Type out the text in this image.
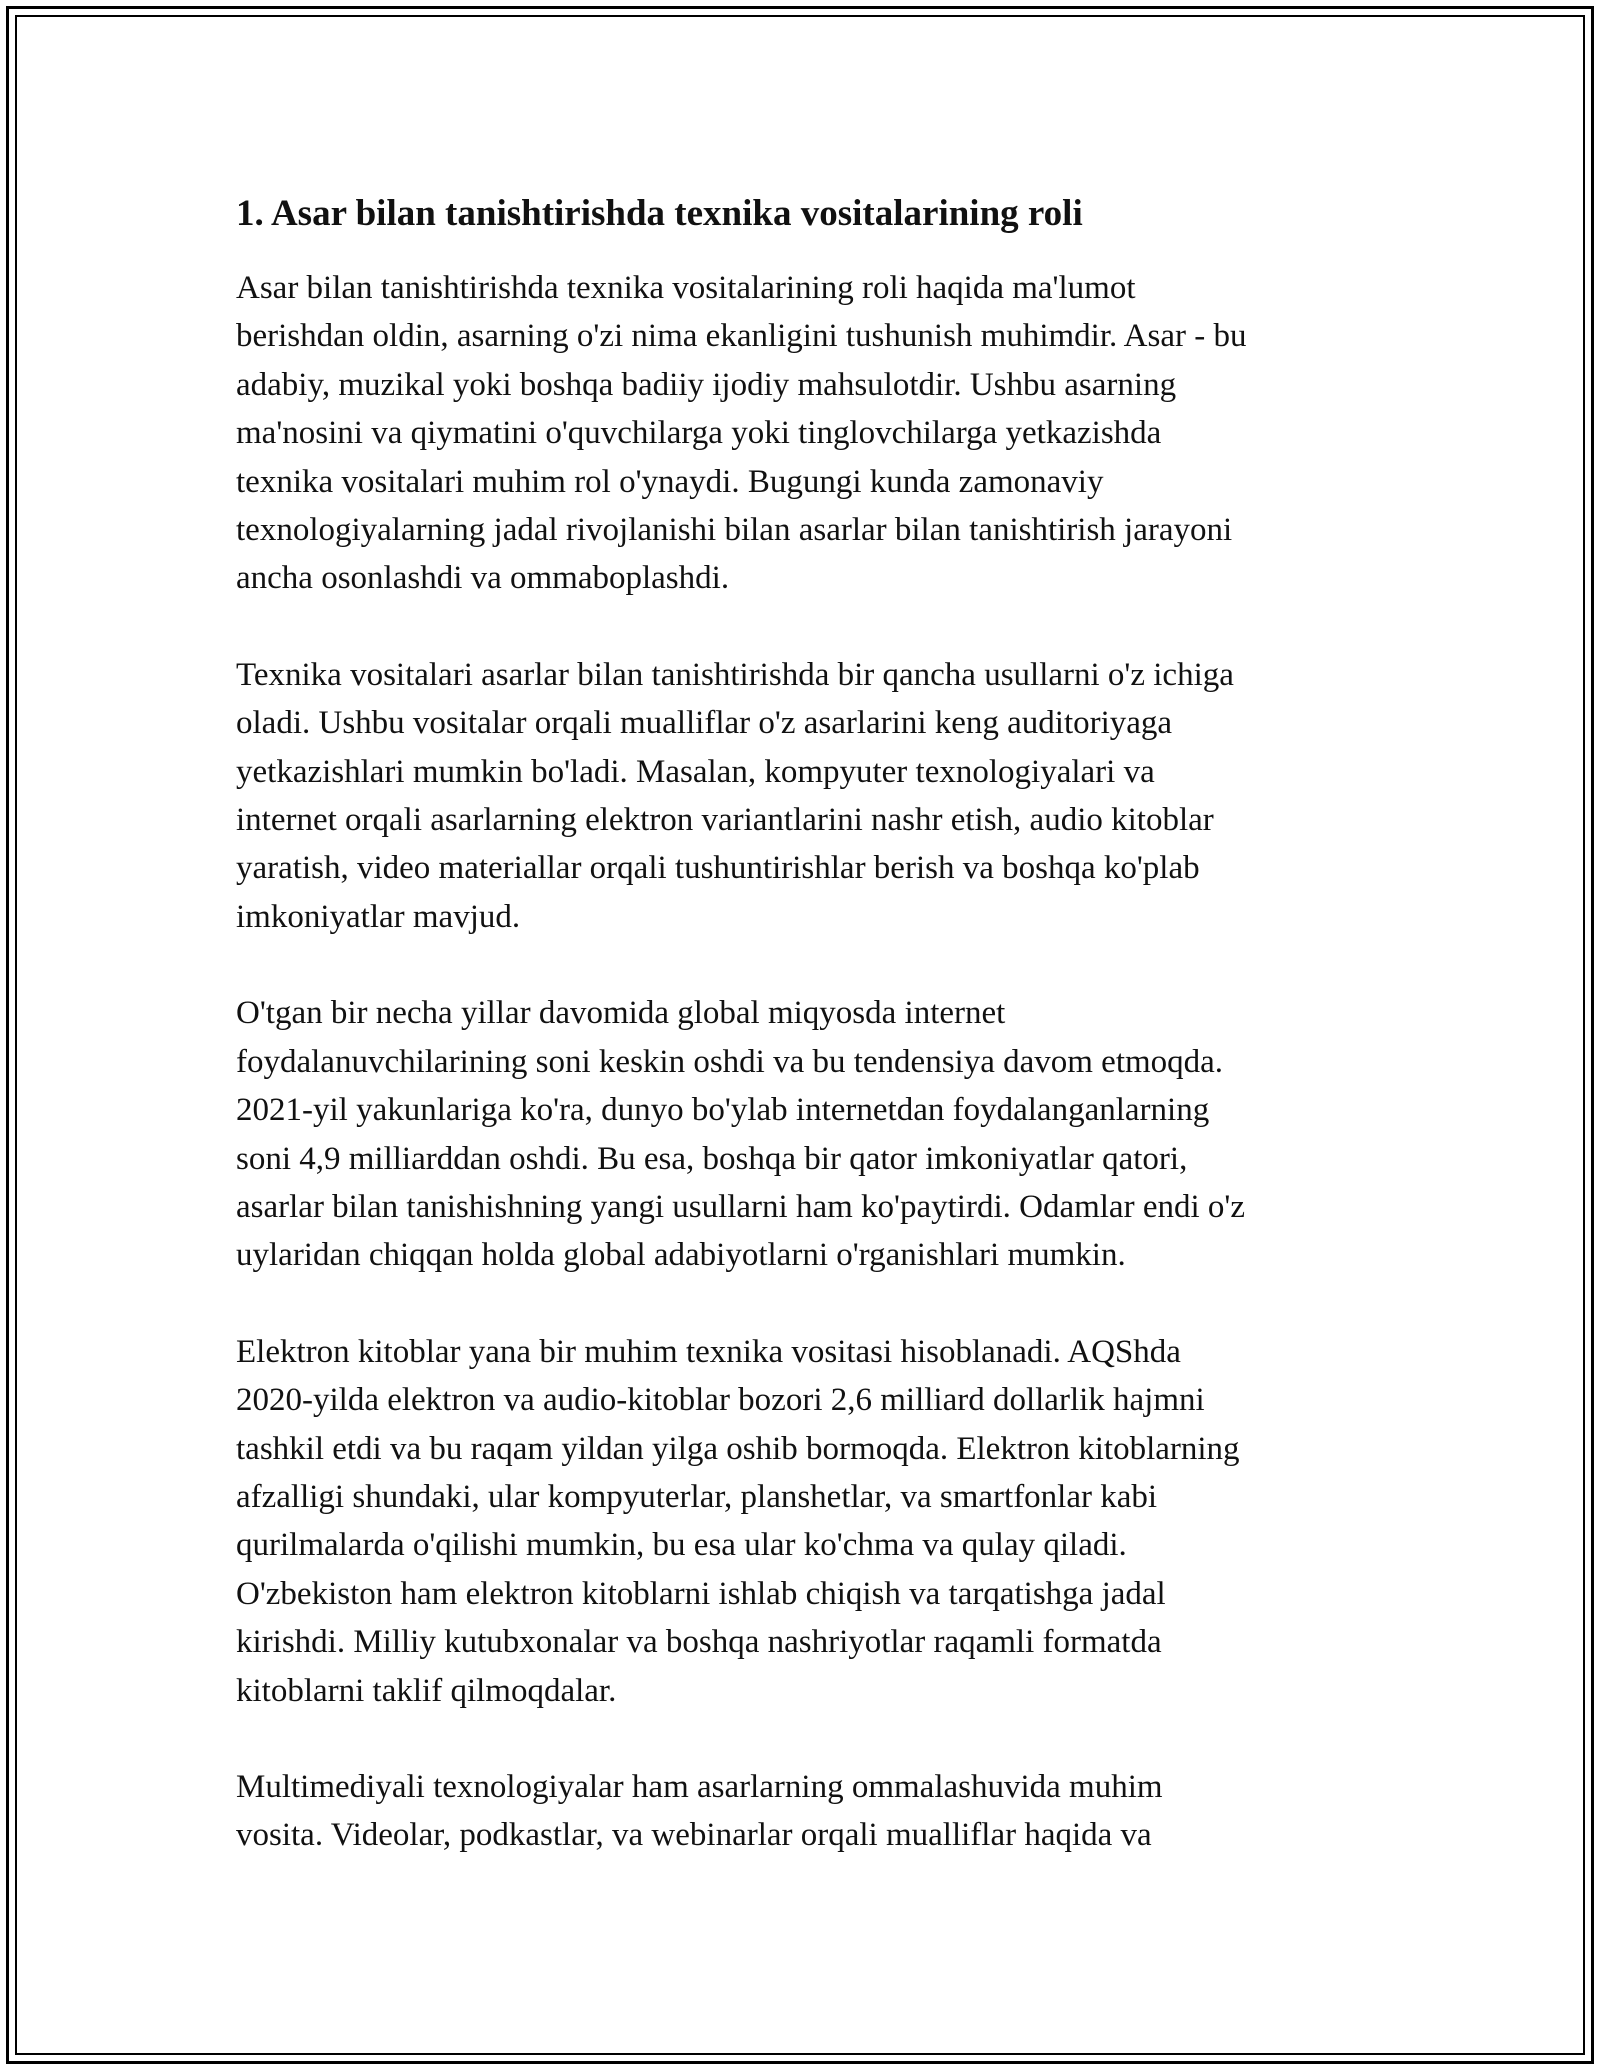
1. Asar bilan tanishtirishda texnika vositalarining roli

Asar bilan tanishtirishda texnika vositalarining roli haqida ma'lumot
berishdan oldin, asarning o'zi nima ekanligini tushunish muhimdir. Asar - bu
adabiy, muzikal yoki boshqa badiiy ijodiy mahsulotdir. Ushbu asarning
ma'nosini va qiymatini o'quvchilarga yoki tinglovchilarga yetkazishda
texnika vositalari muhim rol o'ynaydi. Bugungi kunda zamonaviy
texnologiyalarning jadal rivojlanishi bilan asarlar bilan tanishtirish jarayoni
ancha osonlashdi va ommaboplashdi.

Texnika vositalari asarlar bilan tanishtirishda bir qancha usullarni o'z ichiga
oladi. Ushbu vositalar orqali mualliflar o'z asarlarini keng auditoriyaga
yetkazishlari mumkin bo'ladi. Masalan, kompyuter texnologiyalari va
internet orqali asarlarning elektron variantlarini nashr etish, audio kitoblar
yaratish, video materiallar orqali tushuntirishlar berish va boshqa ko'plab
imkoniyatlar mavjud.

O'tgan bir necha yillar davomida global miqyosda internet
foydalanuvchilarining soni keskin oshdi va bu tendensiya davom etmoqda.
2021-yil yakunlariga ko'ra, dunyo bo'ylab internetdan foydalanganlarning
soni 4,9 milliarddan oshdi. Bu esa, boshqa bir qator imkoniyatlar qatori,
asarlar bilan tanishishning yangi usullarni ham ko'paytirdi. Odamlar endi o'z
uylaridan chiqqan holda global adabiyotlarni o'rganishlari mumkin.

Elektron kitoblar yana bir muhim texnika vositasi hisoblanadi. AQShda
2020-yilda elektron va audio-kitoblar bozori 2,6 milliard dollarlik hajmni
tashkil etdi va bu raqam yildan yilga oshib bormoqda. Elektron kitoblarning
afzalligi shundaki, ular kompyuterlar, planshetlar, va smartfonlar kabi
qurilmalarda o'qilishi mumkin, bu esa ular ko'chma va qulay qiladi.
O'zbekiston ham elektron kitoblarni ishlab chiqish va tarqatishga jadal
kirishdi. Milliy kutubxonalar va boshqa nashriyotlar raqamli formatda
kitoblarni taklif qilmoqdalar.

Multimediyali texnologiyalar ham asarlarning ommalashuvida muhim
vosita. Videolar, podkastlar, va webinarlar orqali mualliflar haqida va
